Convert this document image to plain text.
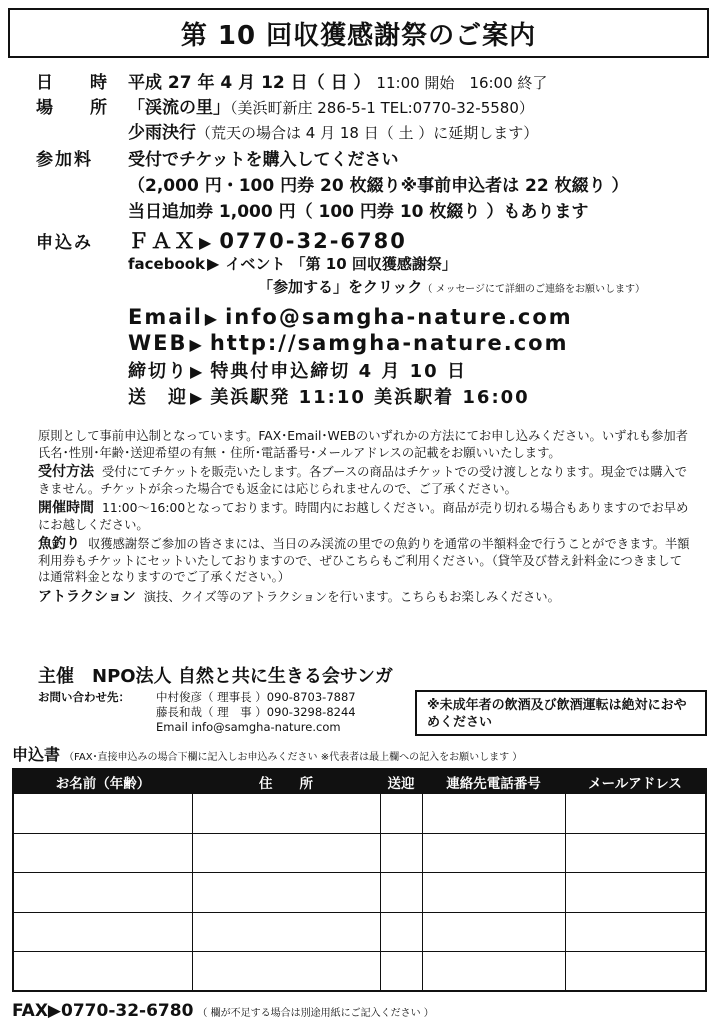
第 10 回収獲感謝祭のご案内
日　時 平成 27 年 4 月 12 日（ 日 ） 11:00 開始　16:00 終了
場　所 「渓流の里」（美浜町新庄 286-5-1 TEL:0770-32-5580）
少雨決行（荒天の場合は 4 月 18 日（ 土 ）に延期します）
参加料	受付でチケットを購入してください
（2,000 円・100 円券 20 枚綴り※事前申込者は 22 枚綴り ）
当日追加券 1,000 円（ 100 円券 10 枚綴り ）もあります
申込み	ＦＡＸ ▶ 0770-32-6780
facebook ▶ イベント 「第 10 回収獲感謝祭」
「参加する」をクリック（ メッセージにて詳細のご連絡をお願いします）
Email ▶ info@samgha-nature.com
WEB ▶ http://samgha-nature.com
締切り ▶ 特典付申込締切 4 月 10 日
送　迎 ▶ 美浜駅発 11:10 美浜駅着 16:00

原則として事前申込制となっています。FAX･Email･WEBのいずれかの方法にてお申し込みください。いずれも参加者氏名･性別･年齢･送迎希望の有無 ･ 住所･電話番号･メールアドレスの記載をお願いいたします。

受付方法 受付にてチケットを販売いたします。各ブースの商品はチケットでの受け渡しとなります。現金では購入できません。チケットが余った場合でも返金には応じられませんので、ご了承ください。

開催時間 11:00～16:00となっております。時間内にお越しください。商品が売り切れる場合もありますのでお早めにお越しください。

魚釣り 収獲感謝祭ご参加の皆さまには、当日のみ渓流の里での魚釣りを通常の半額料金で行うことができます。半額利用券もチケットにセットいたしておりますので、ぜひこちらもご利用ください。（貸竿及び替え針料金につきましては通常料金となりますのでご了承ください。）

アトラクション 演技、クイズ等のアトラクションを行います。こちらもお楽しみください。

主催　NPO法人 自然と共に生きる会サンガ
お問い合わせ先：	中村俊彦（ 理事長 ）090-8703-7887
藤長和哉（ 理　事 ）090-3298-8244
Email info@samgha-nature.com
※未成年者の飲酒及び飲酒運転は絶対におやめください
申込書 （FAX･直接申込みの場合下欄に記入しお申込みください ※代表者は最上欄への記入をお願いします ）
お名前（年齢）	住　　所	送迎	連絡先電話番号	メールアドレス
FAX▶0770-32-6780 （ 欄が不足する場合は別途用紙にご記入ください ）
